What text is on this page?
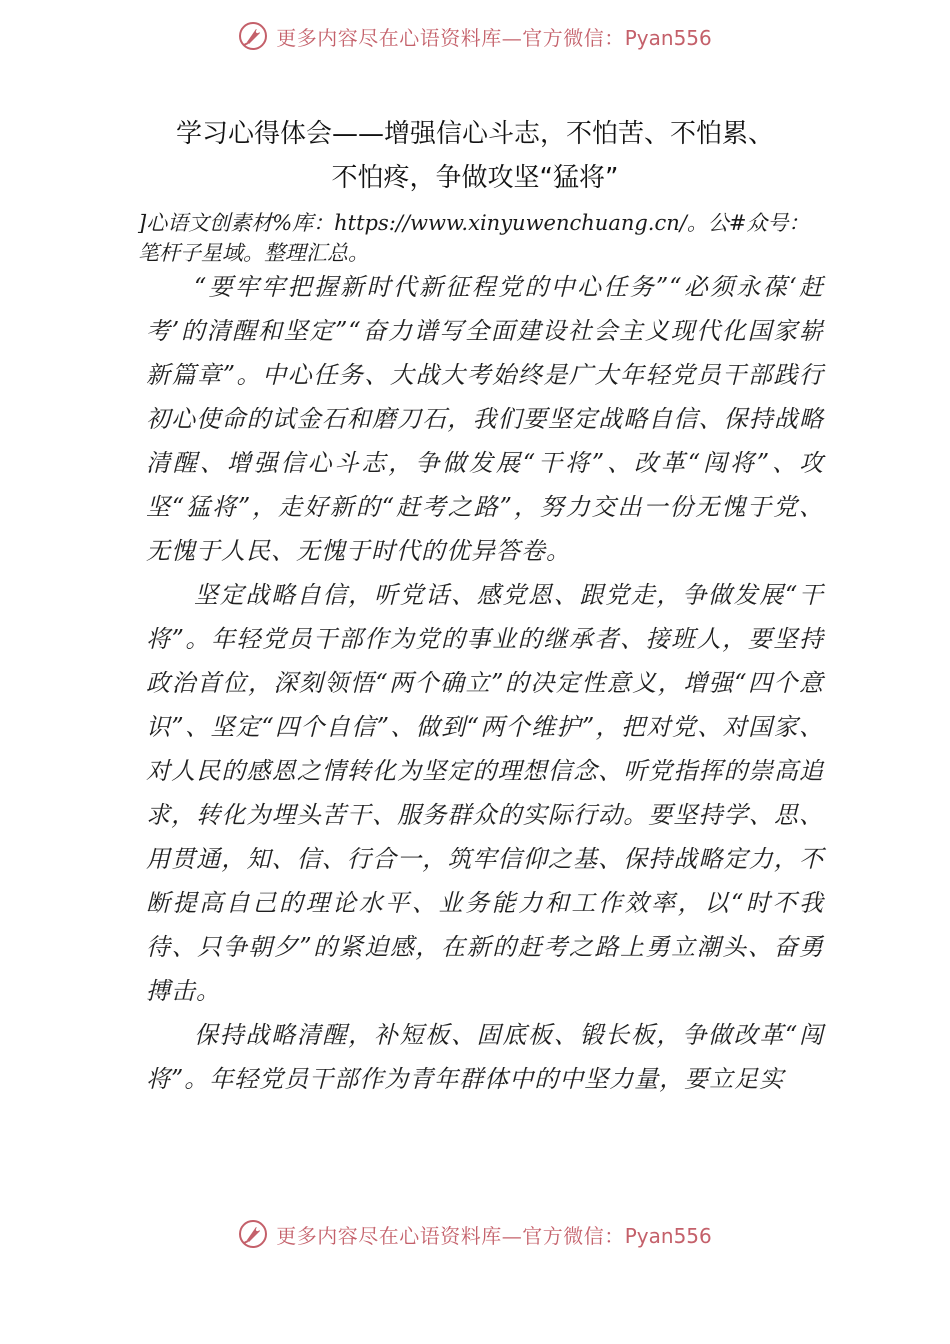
更多内容尽在心语资料库—官方微信：Pyan556
学习心得体会——增强信心斗志，不怕苦、不怕累、
不怕疼，争做攻坚“猛将”
]心语文创素材%库：https://www.xinyuwenchuang.cn/。公#众号：笔杆子星域。整理汇总。

“要牢牢把握新时代新征程党的中心任务”“必须永葆‘赶考’的清醒和坚定”“奋力谱写全面建设社会主义现代化国家崭新篇章”。中心任务、大战大考始终是广大年轻党员干部践行初心使命的试金石和磨刀石，我们要坚定战略自信、保持战略清醒、增强信心斗志，争做发展“干将”、改革“闯将”、攻坚“猛将”，走好新的“赶考之路”，努力交出一份无愧于党、无愧于人民、无愧于时代的优异答卷。

坚定战略自信，听党话、感党恩、跟党走，争做发展“干将”。年轻党员干部作为党的事业的继承者、接班人，要坚持政治首位，深刻领悟“两个确立”的决定性意义，增强“四个意识”、坚定“四个自信”、做到“两个维护”，把对党、对国家、对人民的感恩之情转化为坚定的理想信念、听党指挥的崇高追求，转化为埋头苦干、服务群众的实际行动。要坚持学、思、用贯通，知、信、行合一，筑牢信仰之基、保持战略定力，不断提高自己的理论水平、业务能力和工作效率，以“时不我待、只争朝夕”的紧迫感，在新的赶考之路上勇立潮头、奋勇搏击。

保持战略清醒，补短板、固底板、锻长板，争做改革“闯将”。年轻党员干部作为青年群体中的中坚力量，要立足实

更多内容尽在心语资料库—官方微信：Pyan556
